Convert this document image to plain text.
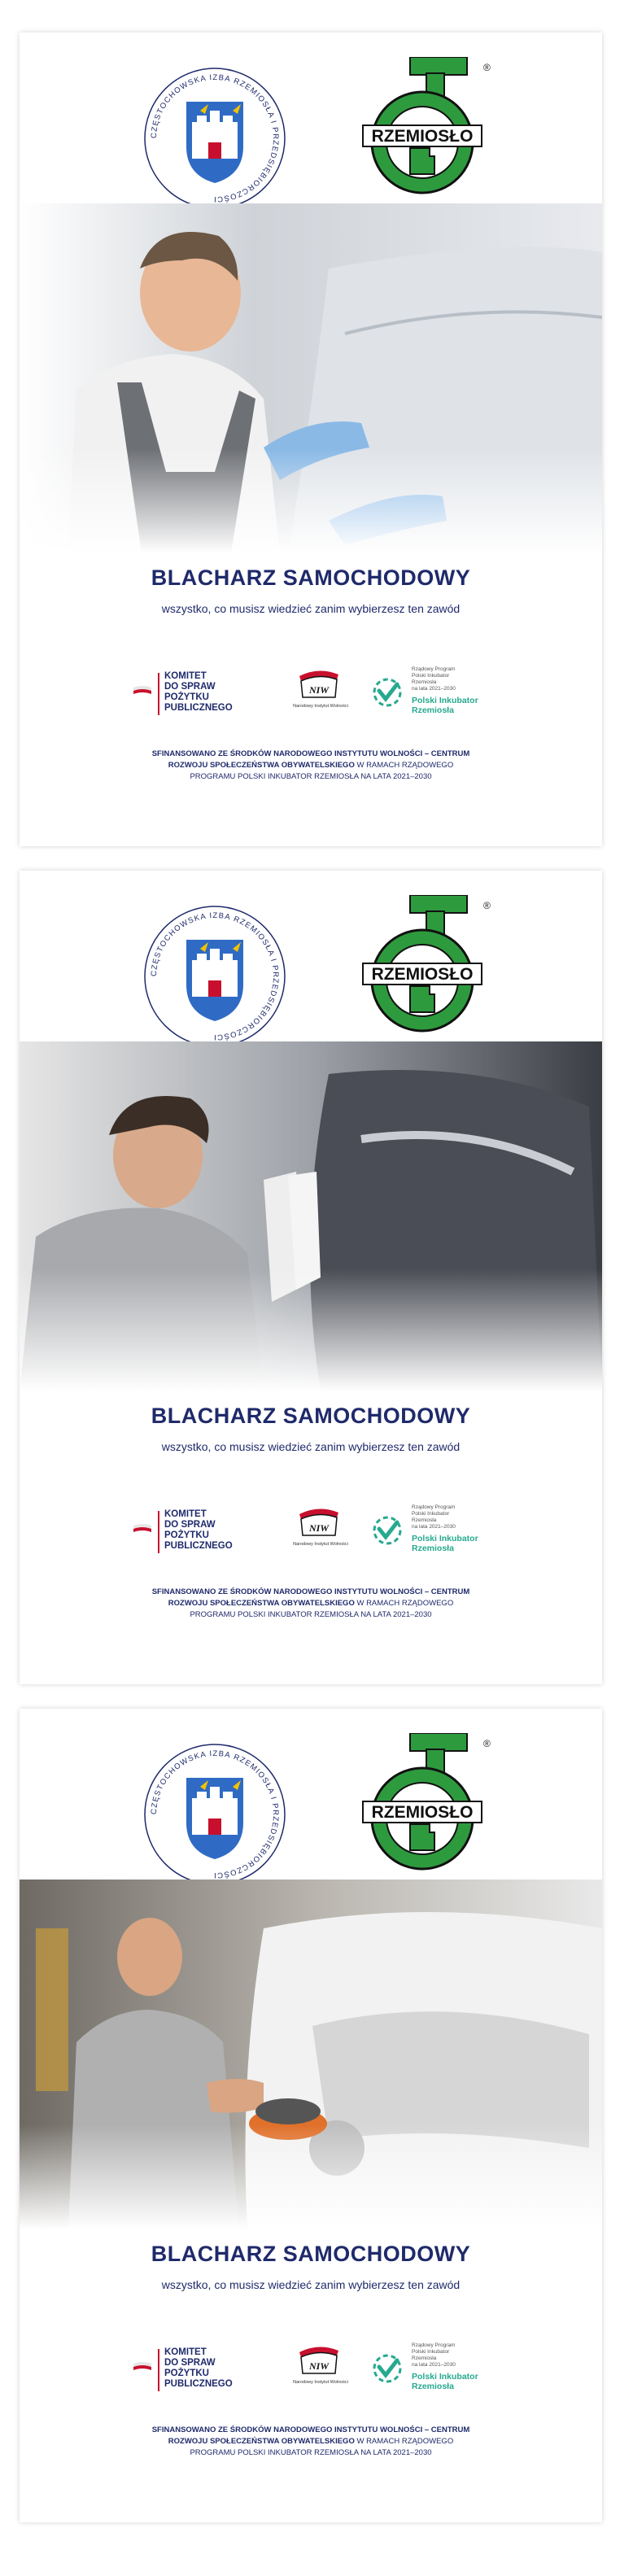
CZĘSTOCHOWSKA IZBA RZEMIOSŁA I PRZEDSIĘBIORCZOŚCI
RZEMIOSŁO
®
BLACHARZ SAMOCHODOWY
wszystko, co musisz wiedzieć zanim wybierzesz ten zawód
KOMITET
DO SPRAW
POŻYTKU
PUBLICZNEGO
NIW
Narodowy Instytut Wolności
Rządowy Program
Polski Inkubator
Rzemiosła
na lata 2021–2030
Polski Inkubator
Rzemiosła
SFINANSOWANO ZE ŚRODKÓW NARODOWEGO INSTYTUTU WOLNOŚCI – CENTRUM
ROZWOJU SPOŁECZEŃSTWA OBYWATELSKIEGO W RAMACH RZĄDOWEGO
PROGRAMU POLSKI INKUBATOR RZEMIOSŁA NA LATA 2021–2030
CZĘSTOCHOWSKA IZBA RZEMIOSŁA I PRZEDSIĘBIORCZOŚCI
RZEMIOSŁO
®
BLACHARZ SAMOCHODOWY
wszystko, co musisz wiedzieć zanim wybierzesz ten zawód
KOMITET
DO SPRAW
POŻYTKU
PUBLICZNEGO
NIW
Narodowy Instytut Wolności
Rządowy Program
Polski Inkubator
Rzemiosła
na lata 2021–2030
Polski Inkubator
Rzemiosła
SFINANSOWANO ZE ŚRODKÓW NARODOWEGO INSTYTUTU WOLNOŚCI – CENTRUM
ROZWOJU SPOŁECZEŃSTWA OBYWATELSKIEGO W RAMACH RZĄDOWEGO
PROGRAMU POLSKI INKUBATOR RZEMIOSŁA NA LATA 2021–2030
CZĘSTOCHOWSKA IZBA RZEMIOSŁA I PRZEDSIĘBIORCZOŚCI
RZEMIOSŁO
®
BLACHARZ SAMOCHODOWY
wszystko, co musisz wiedzieć zanim wybierzesz ten zawód
KOMITET
DO SPRAW
POŻYTKU
PUBLICZNEGO
NIW
Narodowy Instytut Wolności
Rządowy Program
Polski Inkubator
Rzemiosła
na lata 2021–2030
Polski Inkubator
Rzemiosła
SFINANSOWANO ZE ŚRODKÓW NARODOWEGO INSTYTUTU WOLNOŚCI – CENTRUM
ROZWOJU SPOŁECZEŃSTWA OBYWATELSKIEGO W RAMACH RZĄDOWEGO
PROGRAMU POLSKI INKUBATOR RZEMIOSŁA NA LATA 2021–2030
